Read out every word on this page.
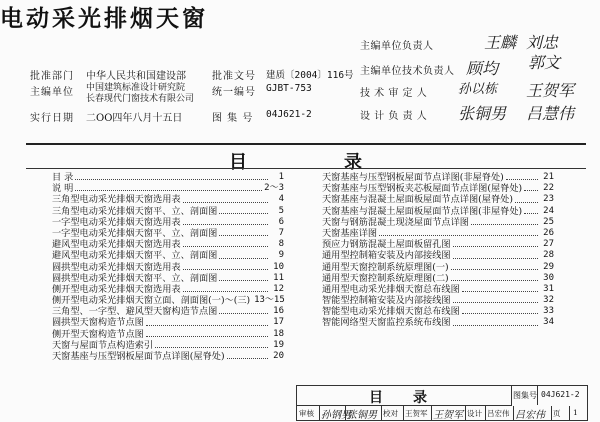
电动采光排烟天窗
批准部门	中华人民共和国建设部	批准文号	建质〔2004〕116号
主编单位	中国建筑标准设计研究院
长春现代门窗技术有限公司
统一编号	GJBT-753
实行日期	二OO四年八月十五日	图 集 号	04J621-2
主编单位负责人	王麟 刘忠
主编单位技术负责人 顾均 郭文
技 术 审 定 人 孙以栋 王贺军
设 计 负 责 人 张铜男 吕慧伟
目	录
目 录	1
说 明	2～3
三角型电动采光排烟天窗选用表	4
三角型电动采光排烟天窗平、立、剖面图	5
一字型电动采光排烟天窗选用表	6
一字型电动采光排烟天窗平、立、剖面图	7
避风型电动采光排烟天窗选用表	8
避风型电动采光排烟天窗平、立、剖面图	9
圆拱型电动采光排烟天窗选用表	10
圆拱型电动采光排烟天窗平、立、剖面图	11
侧开型电动采光排烟天窗选用表	12
侧开型电动采光排烟天窗立面、剖面图(一)～(三) 13～15
三角型、一字型、避风型天窗构造节点图	16
圆拱型天窗构造节点图	17
侧开型天窗构造节点图	18
天窗与屋面节点构造索引	19
天窗基座与压型钢板屋面节点详图(屋脊处)	20
天窗基座与压型钢板屋面节点详图(非屋脊处)	21
天窗基座与压型钢板夹芯板屋面节点详图(屋脊处)	22
天窗基座与混凝土屋面板屋面节点详图(屋脊处)	23
天窗基座与混凝土屋面板屋面节点详图(非屋脊处)	24
天窗与钢筋混凝土现浇屋面节点详图	25
天窗基座详图	26
预应力钢筋混凝土屋面板留孔图	27
通用型控制箱安装及内部接线图	28
通用型天窗控制系统原理图(一)	29
通用型天窗控制系统原理图(二)	30
通用型电动采光排烟天窗总布线图	31
智能型控制箱安装及内部接线图	32
智能型电动采光排烟天窗总布线图	33
智能网络型天窗监控系统布线图	34
目 录	图集号 04J621-2
审核 孙钢男
张铜男 校对 王贺军 王贺军 设计 吕宏伟 吕宏伟 页 1
